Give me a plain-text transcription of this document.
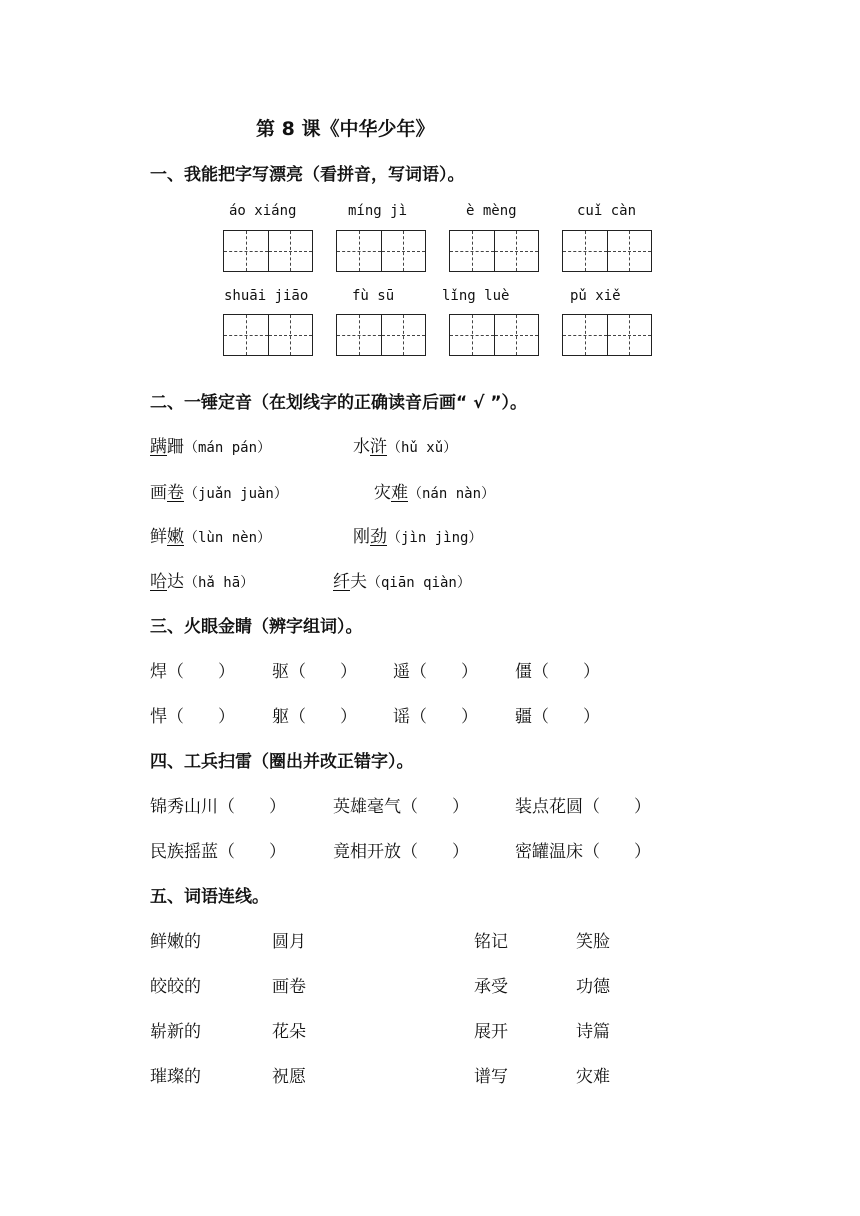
第 8 课《中华少年》
一、我能把字写漂亮（看拼音，写词语）。
áo xiáng	míng jì	è mèng	cuǐ càn
shuāi jiāo	fù sū	lǐng luè	pǔ xiě
二、一锤定音（在划线字的正确读音后画“ √ ”）。
蹒跚（mán pán）	水浒（hǔ xǔ）
画卷（juǎn juàn）	灾难（nán nàn）
鲜嫩（lùn nèn）	刚劲（jìn jìng）
哈达（hǎ hā）	纤夫（qiān qiàn）
三、火眼金睛（辨字组词）。
焊（　　） 驱（　　） 遥（　　） 僵（　　）
悍（　　） 躯（　　） 谣（　　） 疆（　　）
四、工兵扫雷（圈出并改正错字）。
锦秀山川（　　）	英雄毫气（　　）	装点花圆（　　）
民族摇蓝（　　）	竟相开放（　　）	密罐温床（　　）
五、词语连线。
鲜嫩的	圆月	铭记	笑脸
皎皎的	画卷	承受	功德
崭新的	花朵	展开	诗篇
璀璨的	祝愿	谱写	灾难
